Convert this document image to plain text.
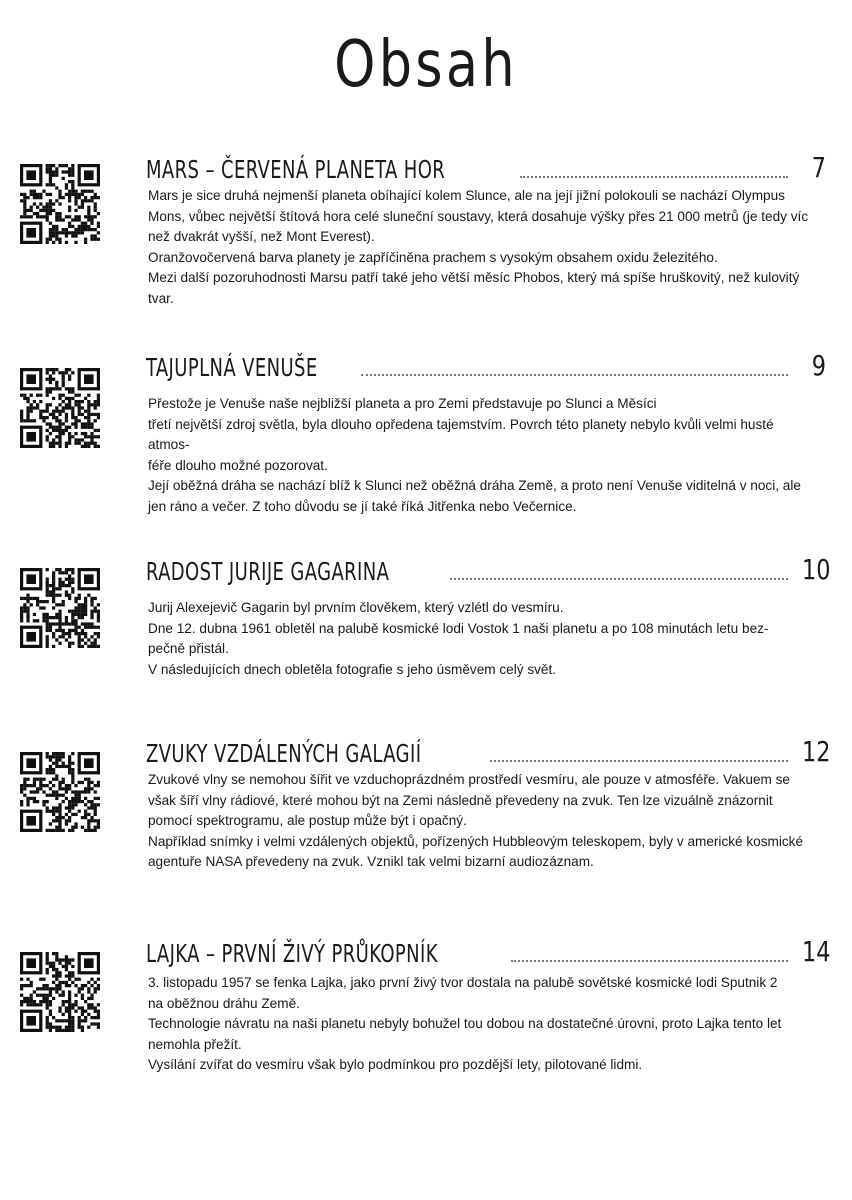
Obsah
MARS – ČERVENÁ PLANETA HOR	7

Mars je sice druhá nejmenší planeta obíhající kolem Slunce, ale na její jižní polokouli se nachází Olympus

Mons, vůbec největší štítová hora celé sluneční soustavy, která dosahuje výšky přes 21 000 metrů (je tedy víc

než dvakrát vyšší, než Mont Everest).

Oranžovočervená barva planety je zapříčiněna prachem s vysokým obsahem oxidu železitého.

Mezi další pozoruhodnosti Marsu patří také jeho větší měsíc Phobos, který má spíše hruškovitý, než kulovitý

tvar.

TAJUPLNÁ VENUŠE	9

Přestože je Venuše naše nejbližší planeta a pro Zemi představuje po Slunci a Měsíci

třetí největší zdroj světla, byla dlouho opředena tajemstvím. Povrch této planety nebylo kvůli velmi husté atmos-

féře dlouho možné pozorovat.

Její oběžná dráha se nachází blíž k Slunci než oběžná dráha Země, a proto není Venuše viditelná v noci, ale

jen ráno a večer. Z toho důvodu se jí také říká Jitřenka nebo Večernice.

RADOST JURIJE GAGARINA	10

Jurij Alexejevič Gagarin byl prvním člověkem, který vzlétl do vesmíru.

Dne 12. dubna 1961 obletěl na palubě kosmické lodi Vostok 1 naši planetu a po 108 minutách letu bez-

pečně přistál.

V následujících dnech obletěla fotografie s jeho úsměvem celý svět.

ZVUKY VZDÁLENÝCH GALAGIÍ	12

Zvukové vlny se nemohou šířit ve vzduchoprázdném prostředí vesmíru, ale pouze v atmosféře. Vakuem se

však šíří vlny rádiové, které mohou být na Zemi následně převedeny na zvuk. Ten lze vizuálně znázornit

pomocí spektrogramu, ale postup může být i opačný.

Například snímky i velmi vzdálených objektů, pořízených Hubbleovým teleskopem, byly v americké kosmické

agentuře NASA převedeny na zvuk. Vznikl tak velmi bizarní audiozáznam.

LAJKA – PRVNÍ ŽIVÝ PRŮKOPNÍK	14

3. listopadu 1957 se fenka Lajka, jako první živý tvor dostala na palubě sovětské kosmické lodi Sputnik 2

na oběžnou dráhu Země.

Technologie návratu na naši planetu nebyly bohužel tou dobou na dostatečné úrovni, proto Lajka tento let

nemohla přežít.

Vysílání zvířat do vesmíru však bylo podmínkou pro pozdější lety, pilotované lidmi.
